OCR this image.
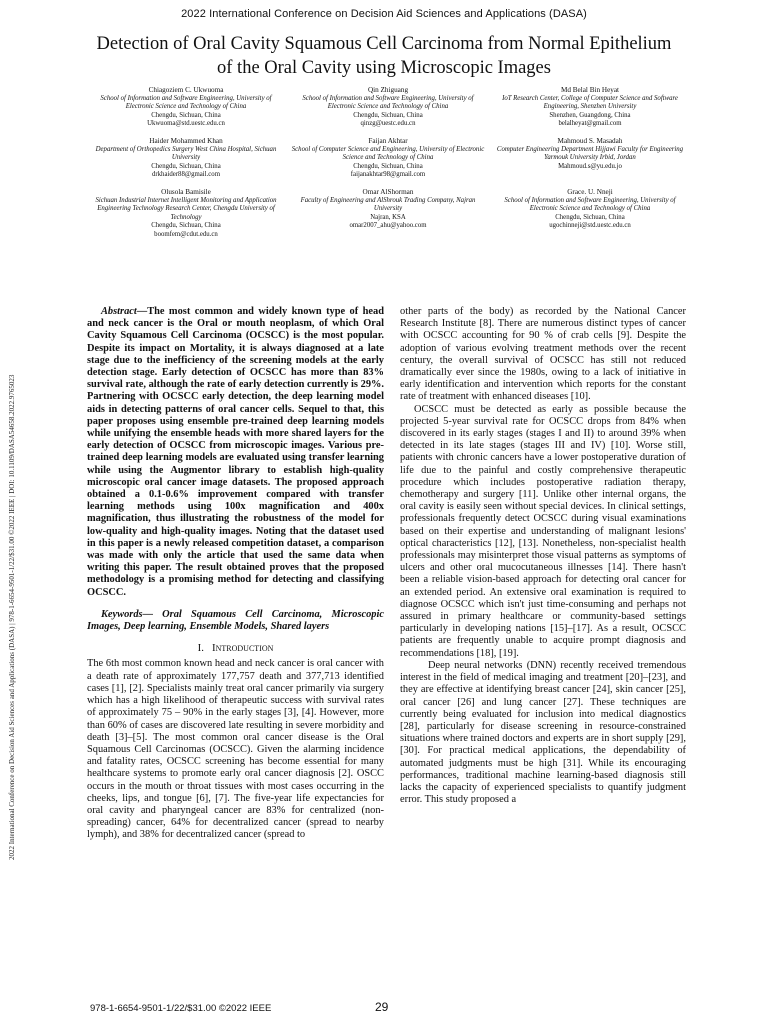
2022 International Conference on Decision Aid Sciences and Applications (DASA)
Detection of Oral Cavity Squamous Cell Carcinoma from Normal Epithelium
of the Oral Cavity using Microscopic Images
Chiagoziem C. Ukwuoma
School of Information and Software Engineering, University of Electronic Science and Technology of China
Chengdu, Sichuan, China
Ukwuoma@std.uestc.edu.cn
Qin Zhiguang
School of Information and Software Engineering, University of Electronic Science and Technology of China
Chengdu, Sichuan, China
qinzg@uestc.edu.cn
Md Belal Bin Heyat
IoT Research Center, College of Computer Science and Software Engineering, Shenzhen University
Shenzhen, Guangdong, China
belalheyat@gmail.com
Haider Mohammed Khan
Department of Orthopedics Surgery West China Hospital, Sichuan University
Chengdu, Sichuan, China
drkhaider88@gmail.com
Faijan Akhtar
School of Computer Science and Engineering, University of Electronic Science and Technology of China
Chengdu, Sichuan, China
faijanakhtar98@gmail.com
Mahmoud S. Masadah
Computer Engineering Department Hijjawi Faculty for Engineering Yarmouk University Irbid, Jordan
Mahmoud.s@yu.edu.jo
Olusola Bamisile
Sichuan Industrial Internet Intelligent Monitoring and Application Engineering Technology Research Center, Chengdu University of Technology
Chengdu, Sichuan, China
boomfem@cdut.edu.cn
Omar AlShorman
Faculty of Engineering and AlShrouk Trading Company, Najran University
Najran, KSA
omar2007_ahu@yahoo.com
Grace. U. Nneji
School of Information and Software Engineering, University of Electronic Science and Technology of China
Chengdu, Sichuan, China
ugochinneji@std.uestc.edu.cn
2022 International Conference on Decision Aid Sciences and Applications (DASA) | 978-1-6654-9501-1/22/$31.00 ©2022 IEEE | DOI: 10.1109/DASA54658.2022.9765023

Abstract—The most common and widely known type of head and neck cancer is the Oral or mouth neoplasm, of which Oral Cavity Squamous Cell Carcinoma (OCSCC) is the most popular. Despite its impact on Mortality, it is always diagnosed at a late stage due to the inefficiency of the screening models at the early detection stage. Early detection of OCSCC has more than 83% survival rate, although the rate of early detection currently is 29%. Partnering with OCSCC early detection, the deep learning model aids in detecting patterns of oral cancer cells. Sequel to that, this paper proposes using ensemble pre-trained deep learning models while unifying the ensemble heads with more shared layers for the early detection of OCSCC from microscopic images. Various pre-trained deep learning models are evaluated using transfer learning while using the Augmentor library to establish high-quality microscopic oral cancer image datasets. The proposed approach obtained a 0.1-0.6% improvement compared with transfer learning methods using 100x magnification and 400x magnification, thus illustrating the robustness of the model for low-quality and high-quality images. Noting that the dataset used in this paper is a newly released competition dataset, a comparison was made with only the article that used the same data when writing this paper. The result obtained proves that the proposed methodology is a promising method for detecting and classifying OCSCC.

Keywords— Oral Squamous Cell Carcinoma, Microscopic Images, Deep learning, Ensemble Models, Shared layers

I. Introduction

The 6th most common known head and neck cancer is oral cancer with a death rate of approximately 177,757 death and 377,713 identified cases [1], [2]. Specialists mainly treat oral cancer primarily via surgery which has a high likelihood of therapeutic success with survival rates of approximately 75 – 90% in the early stages [3], [4]. However, more than 60% of cases are discovered late resulting in severe morbidity and death [3]–[5]. The most common oral cancer disease is the Oral Squamous Cell Carcinomas (OCSCC). Given the alarming incidence and fatality rates, OCSCC screening has become essential for many healthcare systems to promote early oral cancer diagnosis [2]. OSCC occurs in the mouth or throat tissues with most cases occurring in the cheeks, lips, and tongue [6], [7]. The five-year life expectancies for oral cavity and pharyngeal cancer are 83% for centralized (non-spreading) cancer, 64% for decentralized cancer (spread to nearby lymph), and 38% for decentralized cancer (spread to

other parts of the body) as recorded by the National Cancer Research Institute [8]. There are numerous distinct types of cancer with OCSCC accounting for 90 % of crab cells [9]. Despite the adoption of various evolving treatment methods over the recent century, the overall survival of OCSCC has still not reduced dramatically ever since the 1980s, owing to a lack of initiative in early identification and intervention which reports for the constant rate of treatment with enhanced diseases [10].

OCSCC must be detected as early as possible because the projected 5-year survival rate for OCSCC drops from 84% when discovered in its early stages (stages I and II) to around 39% when detected in its late stages (stages III and IV) [10]. Worse still, patients with chronic cancers have a lower postoperative duration of life due to the painful and costly comprehensive therapeutic procedure which includes postoperative radiation therapy, chemotherapy and surgery [11]. Unlike other internal organs, the oral cavity is easily seen without special devices. In clinical settings, professionals frequently detect OCSCC during visual examinations based on their expertise and understanding of malignant lesions' optical characteristics [12], [13]. Nonetheless, non-specialist health professionals may misinterpret those visual patterns as symptoms of ulcers and other oral mucocutaneous illnesses [14]. There hasn't been a reliable vision-based approach for detecting oral cancer for an extended period. An extensive oral examination is required to diagnose OCSCC which isn't just time-consuming and perhaps not assured in primary healthcare or community-based settings particularly in developing nations [15]–[17]. As a result, OCSCC patients are frequently unable to acquire prompt diagnosis and recommendations [18], [19].

Deep neural networks (DNN) recently received tremendous interest in the field of medical imaging and treatment [20]–[23], and they are effective at identifying breast cancer [24], skin cancer [25], oral cancer [26] and lung cancer [27]. These techniques are currently being evaluated for inclusion into medical diagnostics [28], particularly for disease screening in resource-constrained situations where trained doctors and experts are in short supply [29], [30]. For practical medical applications, the dependability of automated judgments must be high [31]. While its encouraging performances, traditional machine learning-based diagnosis still lacks the capacity of experienced specialists to quantify judgment error. This study proposed a

978-1-6654-9501-1/22/$31.00 ©2022 IEEE	29
